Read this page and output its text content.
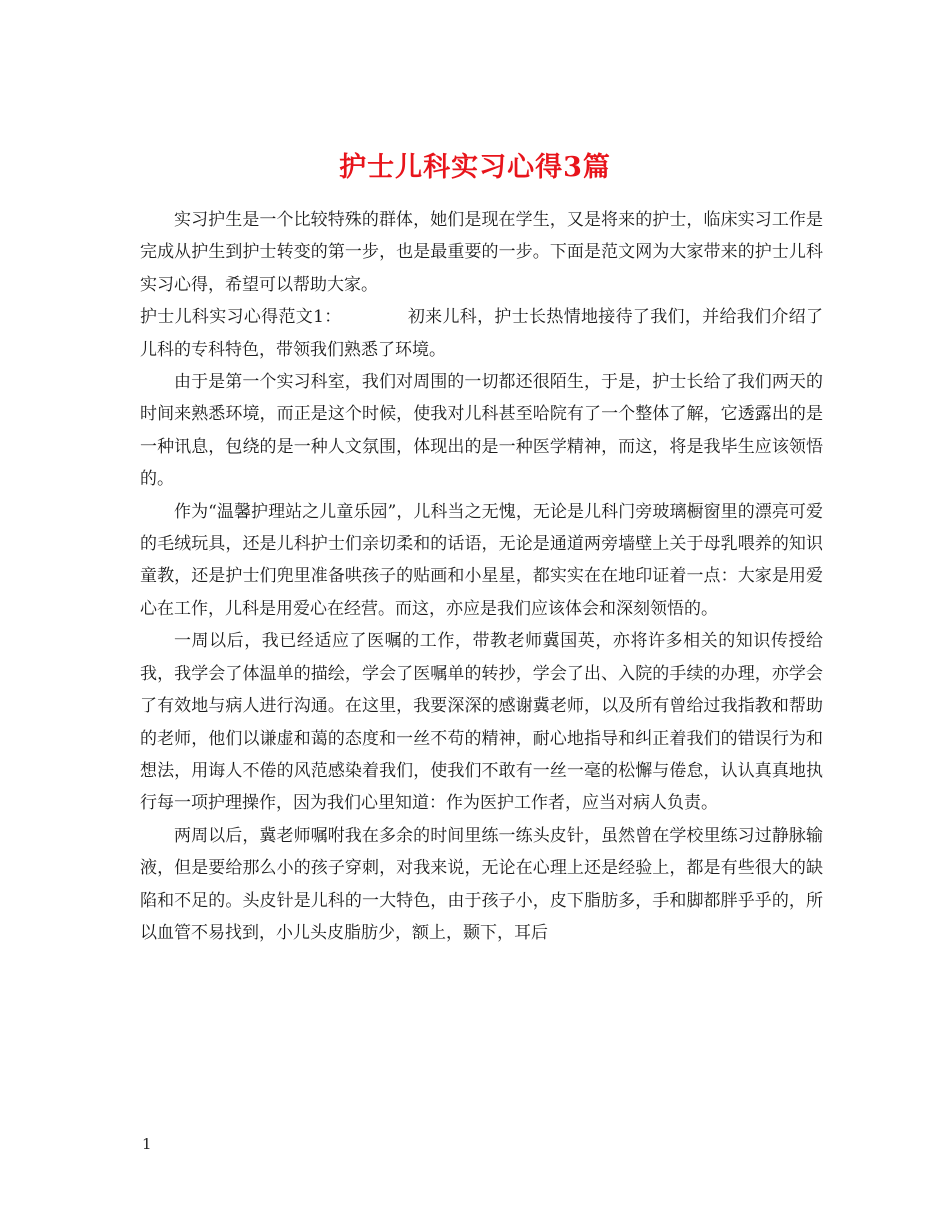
护士儿科实习心得3篇

实习护生是一个比较特殊的群体，她们是现在学生，又是将来的护士，临床实习工作是完成从护生到护士转变的第一步，也是最重要的一步。下面是范文网为大家带来的护士儿科实习心得，希望可以帮助大家。

护士儿科实习心得范文1：	初来儿科，护士长热情地接待了我们，并给我们介绍了儿科的专科特色，带领我们熟悉了环境。

由于是第一个实习科室，我们对周围的一切都还很陌生，于是，护士长给了我们两天的时间来熟悉环境，而正是这个时候，使我对儿科甚至哈院有了一个整体了解，它透露出的是一种讯息，包绕的是一种人文氛围，体现出的是一种医学精神，而这，将是我毕生应该领悟的。

作为“温馨护理站之儿童乐园”，儿科当之无愧，无论是儿科门旁玻璃橱窗里的漂亮可爱的毛绒玩具，还是儿科护士们亲切柔和的话语，无论是通道两旁墙壁上关于母乳喂养的知识童教，还是护士们兜里准备哄孩子的贴画和小星星，都实实在在地印证着一点：大家是用爱心在工作，儿科是用爱心在经营。而这，亦应是我们应该体会和深刻领悟的。

一周以后，我已经适应了医嘱的工作，带教老师冀国英，亦将许多相关的知识传授给我，我学会了体温单的描绘，学会了医嘱单的转抄，学会了出、入院的手续的办理，亦学会了有效地与病人进行沟通。在这里，我要深深的感谢冀老师，以及所有曾给过我指教和帮助的老师，他们以谦虚和蔼的态度和一丝不苟的精神，耐心地指导和纠正着我们的错误行为和想法，用诲人不倦的风范感染着我们，使我们不敢有一丝一毫的松懈与倦怠，认认真真地执行每一项护理操作，因为我们心里知道：作为医护工作者，应当对病人负责。

两周以后，冀老师嘱咐我在多余的时间里练一练头皮针，虽然曾在学校里练习过静脉输液，但是要给那么小的孩子穿刺，对我来说，无论在心理上还是经验上，都是有些很大的缺陷和不足的。头皮针是儿科的一大特色，由于孩子小，皮下脂肪多，手和脚都胖乎乎的，所以血管不易找到，小儿头皮脂肪少，额上，颞下，耳后

1
